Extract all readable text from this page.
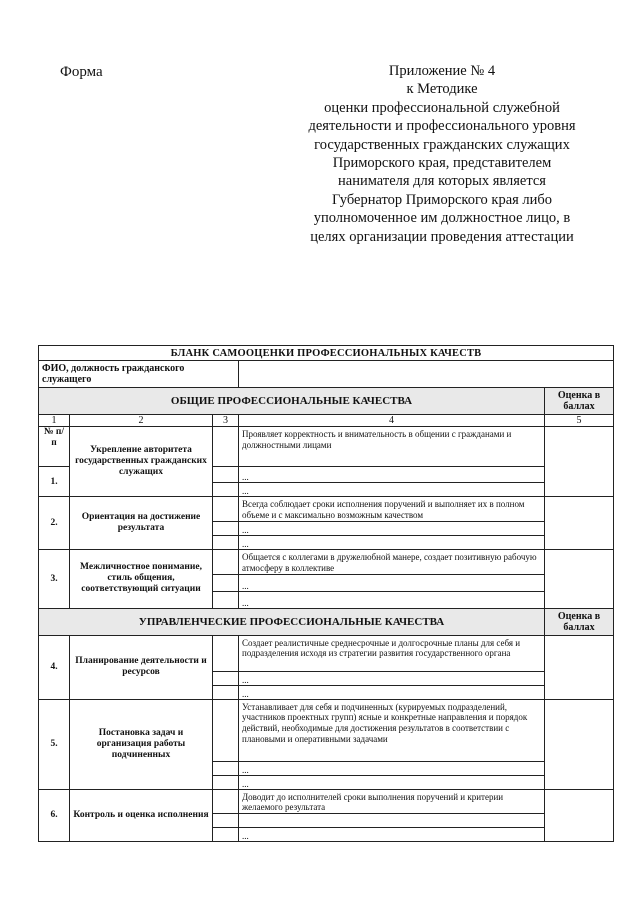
Форма	Приложение № 4
к Методике
оценки профессиональной служебной
деятельности и профессионального уровня
государственных гражданских служащих
Приморского края, представителем
нанимателя для которых является
Губернатор Приморского края либо
уполномоченное им должностное лицо, в
целях организации проведения аттестации
БЛАНК САМООЦЕНКИ ПРОФЕССИОНАЛЬНЫХ КАЧЕСТВ				
ФИО, должность гражданского служащего				
ОБЩИЕ ПРОФЕССИОНАЛЬНЫЕ КАЧЕСТВА				Оценка в баллах
1	2	3	4	5
№ п/п	Укрепление авторитета государственных гражданских служащих		Проявляет корректность и внимательность в общении с гражданами и должностными лицами	
1.			...	
			...	
2.	Ориентация на достижение результата		Всегда соблюдает сроки исполнения поручений и выполняет их в полном объеме и с максимально возможным качеством	
			...	
			...	
3.	Межличностное понимание, стиль общения, соответствующий ситуации		Общается с коллегами в дружелюбной манере, создает позитивную рабочую атмосферу в коллективе	
			...	
			...	
УПРАВЛЕНЧЕСКИЕ ПРОФЕССИОНАЛЬНЫЕ КАЧЕСТВА				Оценка в баллах
4.	Планирование деятельности и ресурсов		Создает реалистичные среднесрочные и долгосрочные планы для себя и подразделения исходя из стратегии развития государственного органа	
			...	
			...	
5.	Постановка задач и организация работы подчиненных		Устанавливает для себя и подчиненных (курируемых подразделений, участников проектных групп) ясные и конкретные направления и порядок действий, необходимые для достижения результатов в соответствии с плановыми и оперативными задачами	
			...	
			...	
6.	Контроль и оценка исполнения		Доводит до исполнителей сроки выполнения поручений и критерии желаемого результата	

			...	
